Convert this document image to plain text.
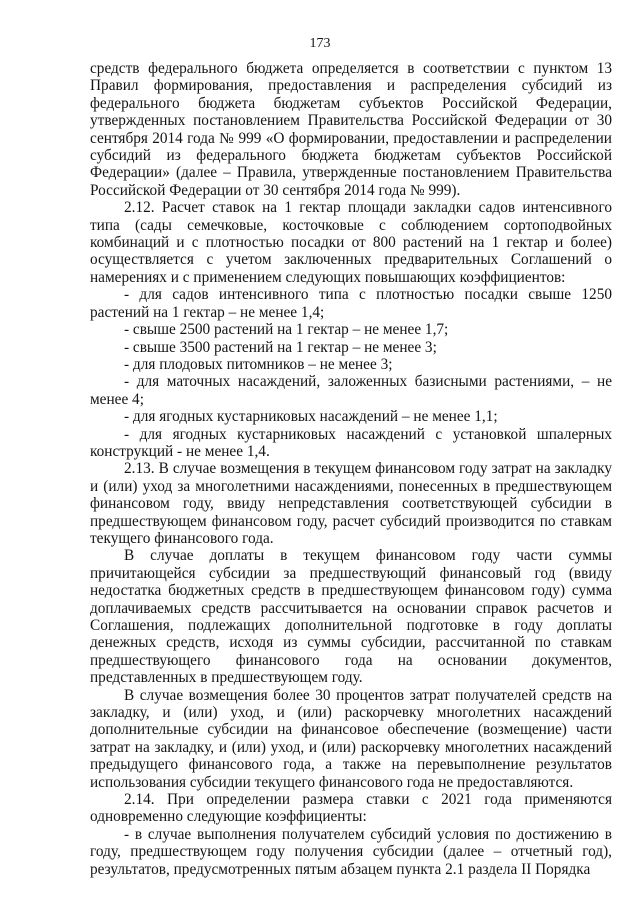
173

средств федерального бюджета определяется в соответствии с пунктом 13 Правил формирования, предоставления и распределения субсидий из федерального бюджета бюджетам субъектов Российской Федерации, утвержденных постановлением Правительства Российской Федерации от 30 сентября 2014 года № 999 «О формировании, предоставлении и распределении субсидий из федерального бюджета бюджетам субъектов Российской Федерации» (далее – Правила, утвержденные постановлением Правительства Российской Федерации от 30 сентября 2014 года № 999).

2.12. Расчет ставок на 1 гектар площади закладки садов интенсивного типа (сады семечковые, косточковые с соблюдением сортоподвойных комбинаций и с плотностью посадки от 800 растений на 1 гектар и более) осуществляется с учетом заключенных предварительных Соглашений о намерениях и с применением следующих повышающих коэффициентов:

- для садов интенсивного типа с плотностью посадки свыше 1250 растений на 1 гектар – не менее 1,4;

- свыше 2500 растений на 1 гектар – не менее 1,7;

- свыше 3500 растений на 1 гектар – не менее 3;

- для плодовых питомников – не менее 3;

- для маточных насаждений, заложенных базисными растениями, – не менее 4;

- для ягодных кустарниковых насаждений – не менее 1,1;

- для ягодных кустарниковых насаждений с установкой шпалерных конструкций - не менее 1,4.

2.13. В случае возмещения в текущем финансовом году затрат на закладку и (или) уход за многолетними насаждениями, понесенных в предшествующем финансовом году, ввиду непредставления соответствующей субсидии в предшествующем финансовом году, расчет субсидий производится по ставкам текущего финансового года.

В случае доплаты в текущем финансовом году части суммы причитающейся субсидии за предшествующий финансовый год (ввиду недостатка бюджетных средств в предшествующем финансовом году) сумма доплачиваемых средств рассчитывается на основании справок расчетов и Соглашения, подлежащих дополнительной подготовке в году доплаты денежных средств, исходя из суммы субсидии, рассчитанной по ставкам предшествующего финансового года на основании документов, представленных в предшествующем году.

В случае возмещения более 30 процентов затрат получателей средств на закладку, и (или) уход, и (или) раскорчевку многолетних насаждений дополнительные субсидии на финансовое обеспечение (возмещение) части затрат на закладку, и (или) уход, и (или) раскорчевку многолетних насаждений предыдущего финансового года, а также на перевыполнение результатов использования субсидии текущего финансового года не предоставляются.

2.14. При определении размера ставки с 2021 года применяются одновременно следующие коэффициенты:

- в случае выполнения получателем субсидий условия по достижению в году, предшествующем году получения субсидии (далее – отчетный год), результатов, предусмотренных пятым абзацем пункта 2.1 раздела II Порядка
